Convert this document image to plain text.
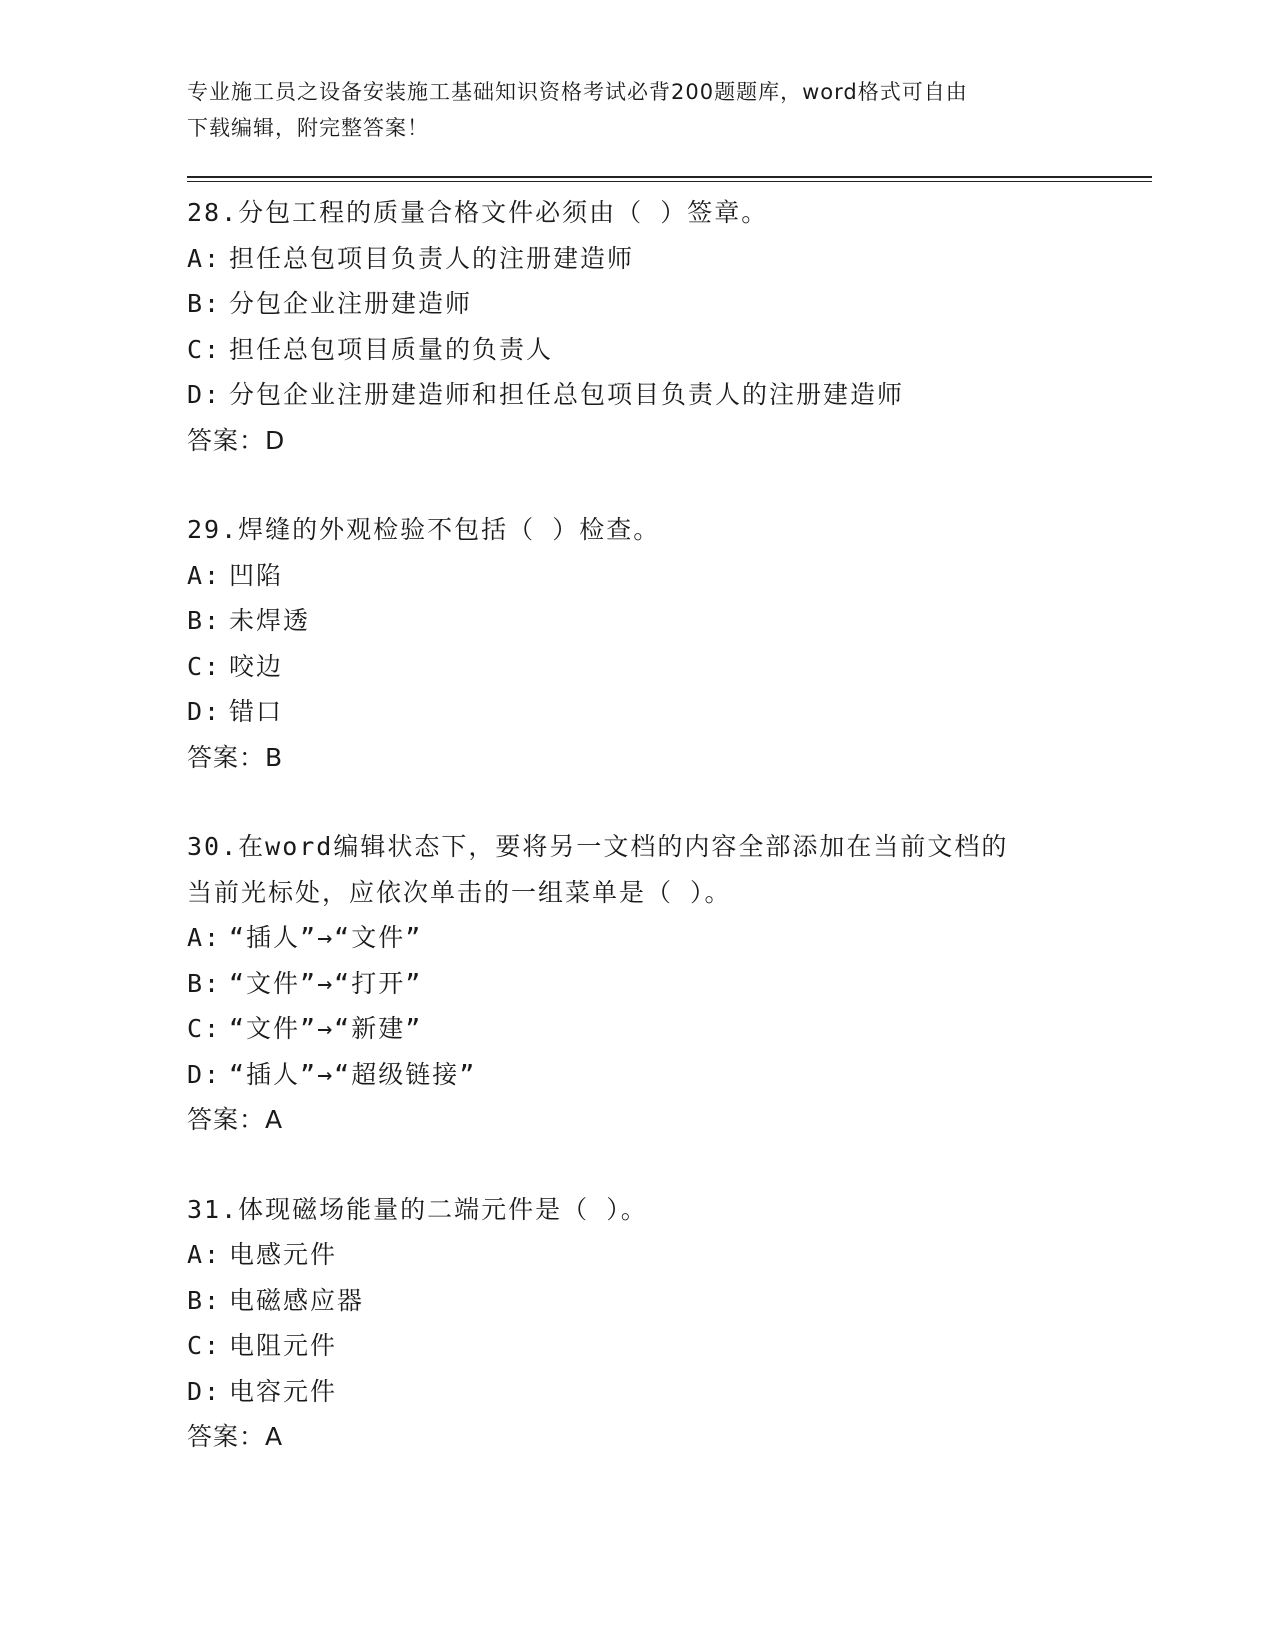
专业施工员之设备安装施工基础知识资格考试必背200题题库，word格式可自由
下载编辑，附完整答案！
28.分包工程的质量合格文件必须由（ ）签章。
A: 担任总包项目负责人的注册建造师
B: 分包企业注册建造师
C: 担任总包项目质量的负责人
D: 分包企业注册建造师和担任总包项目负责人的注册建造师
答案：D
29.焊缝的外观检验不包括（ ）检查。
A: 凹陷
B: 未焊透
C: 咬边
D: 错口
答案：B
30.在word编辑状态下，要将另一文档的内容全部添加在当前文档的
当前光标处，应依次单击的一组菜单是（ ）。
A: “插人”→“文件”
B: “文件”→“打开”
C: “文件”→“新建”
D: “插人”→“超级链接”
答案：A
31.体现磁场能量的二端元件是（ ）。
A: 电感元件
B: 电磁感应器
C: 电阻元件
D: 电容元件
答案：A
